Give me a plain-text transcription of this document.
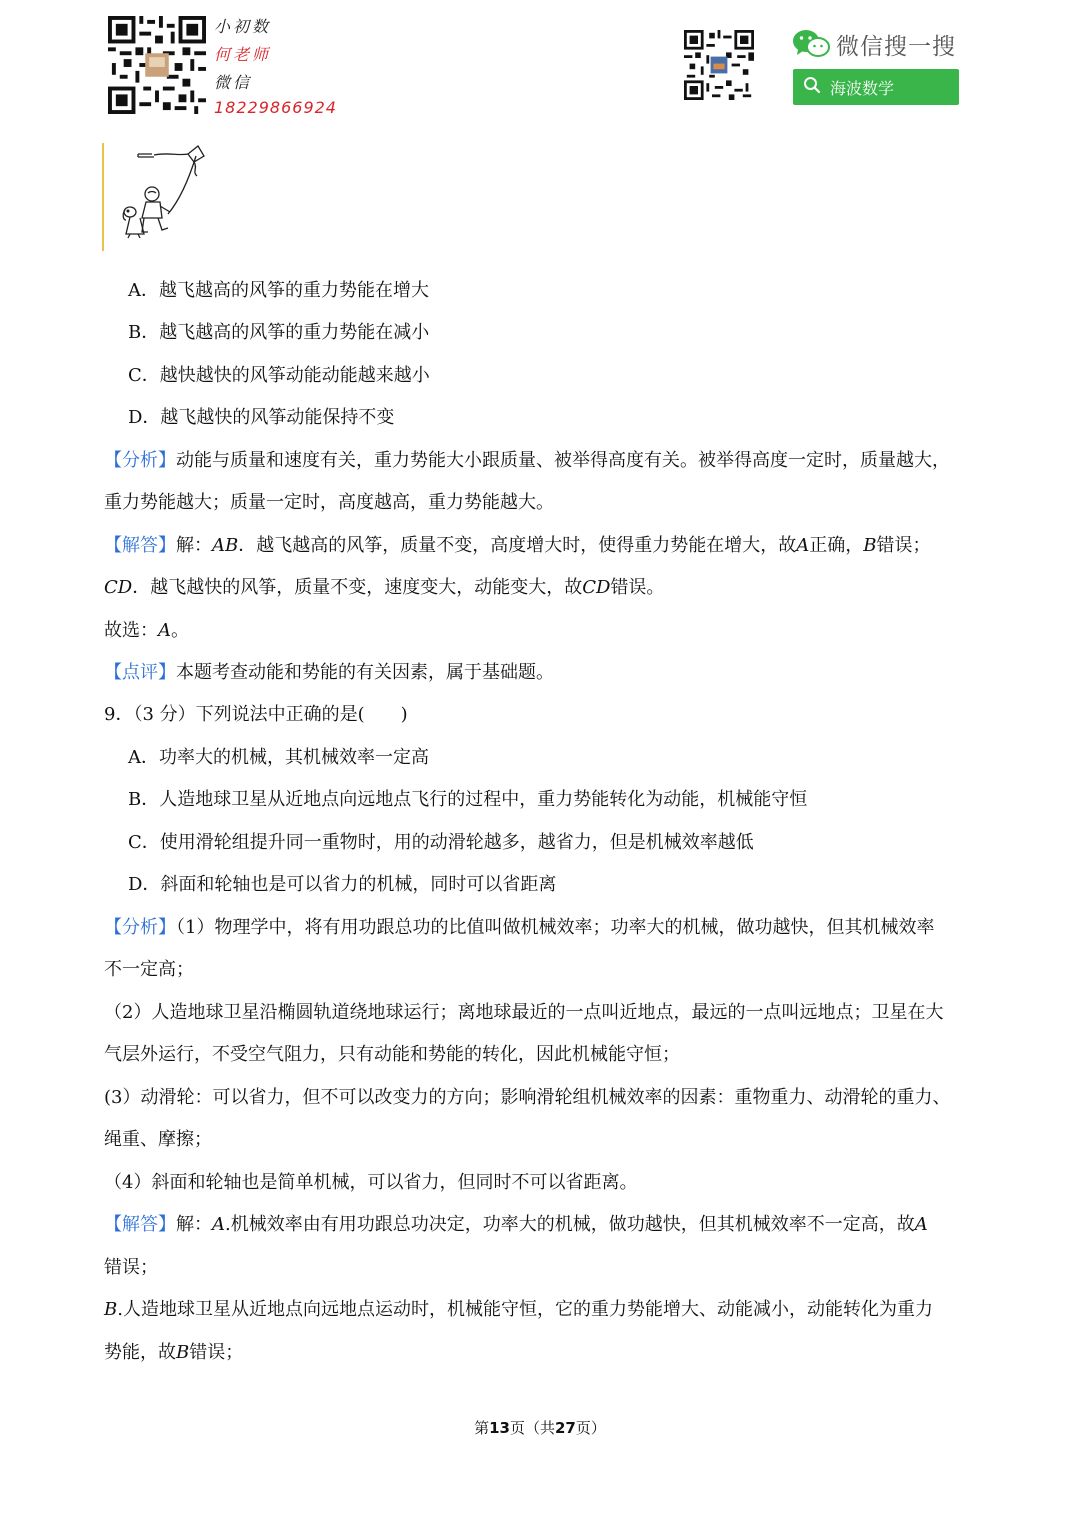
小初数
何老师
微信
18229866924
微信搜一搜
海波数学
A．越飞越高的风筝的重力势能在增大
B．越飞越高的风筝的重力势能在减小
C．越快越快的风筝动能动能越来越小
D．越飞越快的风筝动能保持不变
【分析】动能与质量和速度有关，重力势能大小跟质量、被举得高度有关。被举得高度一定时，质量越大，
重力势能越大；质量一定时，高度越高，重力势能越大。
【解答】解：AB．越飞越高的风筝，质量不变，高度增大时，使得重力势能在增大，故A正确，B错误；
CD．越飞越快的风筝，质量不变，速度变大，动能变大，故CD错误。
故选：A。
【点评】本题考查动能和势能的有关因素，属于基础题。
9．（3 分）下列说法中正确的是(　　)
A．功率大的机械，其机械效率一定高
B．人造地球卫星从近地点向远地点飞行的过程中，重力势能转化为动能，机械能守恒
C．使用滑轮组提升同一重物时，用的动滑轮越多，越省力，但是机械效率越低
D．斜面和轮轴也是可以省力的机械，同时可以省距离
【分析】（1）物理学中，将有用功跟总功的比值叫做机械效率；功率大的机械，做功越快，但其机械效率
不一定高；
（2）人造地球卫星沿椭圆轨道绕地球运行；离地球最近的一点叫近地点，最远的一点叫远地点；卫星在大
气层外运行，不受空气阻力，只有动能和势能的转化，因此机械能守恒；
(3）动滑轮：可以省力，但不可以改变力的方向；影响滑轮组机械效率的因素：重物重力、动滑轮的重力、
绳重、摩擦；
（4）斜面和轮轴也是简单机械，可以省力，但同时不可以省距离。
【解答】解：A.机械效率由有用功跟总功决定，功率大的机械，做功越快，但其机械效率不一定高，故A
错误；
B.人造地球卫星从近地点向远地点运动时，机械能守恒，它的重力势能增大、动能减小，动能转化为重力
势能，故B错误；
第13页（共27页）
